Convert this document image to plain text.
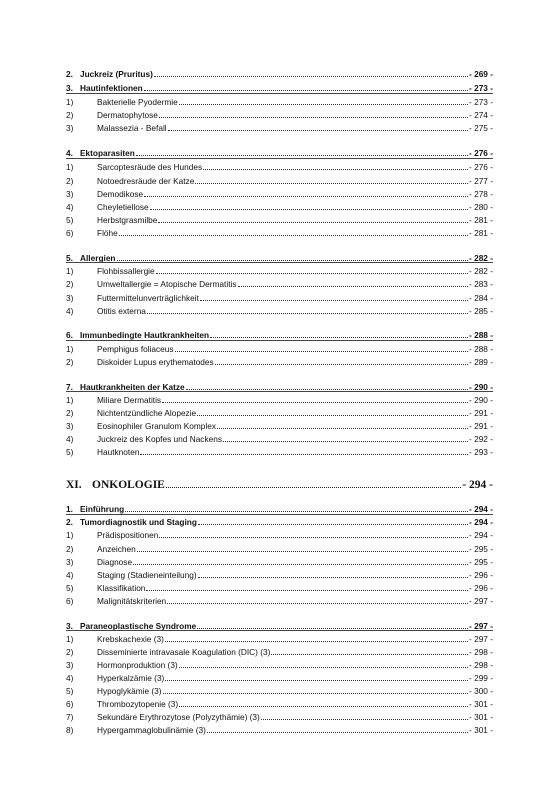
2. Juckreiz (Pruritus)	- 269 -
3. Hautinfektionen	- 273 -
1)	Bakterielle Pyodermie	- 273 -
2)	Dermatophytose	- 274 -
3)	Malassezia - Befall	- 275 -
4. Ektoparasiten	- 276 -
1)	Sarcoptesräude des Hundes	- 276 -
2)	Notoedresräude der Katze	- 277 -
3)	Demodikose	- 278 -
4)	Cheyletiellose	- 280 -
5)	Herbstgrasmilbe	- 281 -
6)	Flöhe	- 281 -
5. Allergien	- 282 -
1)	Flohbissallergie	- 282 -
2)	Umweltallergie = Atopische Dermatitis	- 283 -
3)	Futtermittelunverträglichkeit	- 284 -
4)	Otitis externa	- 285 -
6. Immunbedingte Hautkrankheiten	- 288 -
1)	Pemphigus foliaceus	- 288 -
2)	Diskoider Lupus erythematodes	- 289 -
7. Hautkrankheiten der Katze	- 290 -
1)	Miliare Dermatitis	- 290 -
2)	Nichtentzündliche Alopezie	- 291 -
3)	Eosinophiler Granulom Komplex	- 291 -
4)	Juckreiz des Kopfes und Nackens	- 292 -
5)	Hautknoten	- 293 -
XI. ONKOLOGIE	- 294 -
1. Einführung	- 294 -
2. Tumordiagnostik und Staging	- 294 -
1)	Prädispositionen	- 294 -
2)	Anzeichen	- 295 -
3)	Diagnose	- 295 -
4)	Staging (Stadieneinteilung)	- 296 -
5)	Klassifikation	- 296 -
6)	Malignitätskriterien	- 297 -
3. Paraneoplastische Syndrome	- 297 -
1)	Krebskachexie (3)	- 297 -
2)	Disseminierte intravasale Koagulation (DIC) (3)	- 298 -
3)	Hormonproduktion (3)	- 298 -
4)	Hyperkalzämie (3)	- 299 -
5)	Hypoglykämie (3)	- 300 -
6)	Thrombozytopenie (3)	- 301 -
7)	Sekundäre Erythrozytose (Polyzythämie) (3)	- 301 -
8)	Hypergammaglobulinämie (3)	- 301 -
